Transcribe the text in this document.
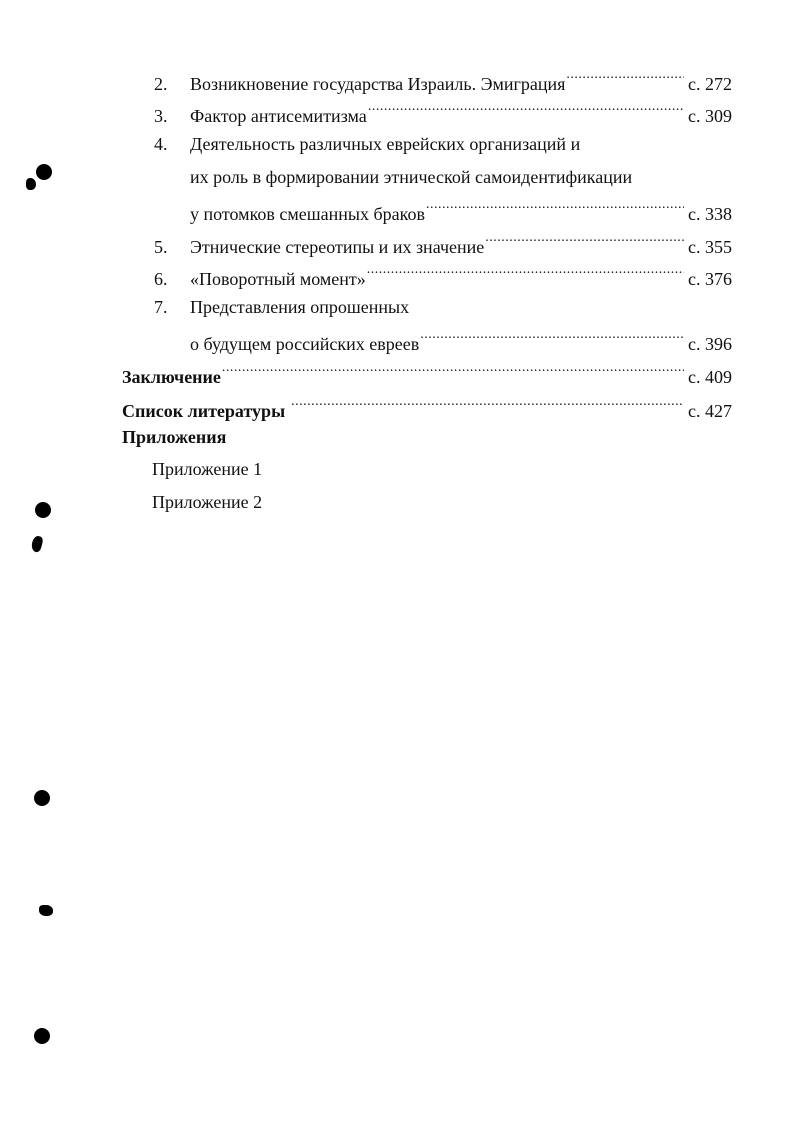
2.	Возникновение государства Израиль. Эмиграция .....	с. 272
3.	Фактор антисемитизма .....	с. 309
4.	Деятельность различных еврейских организаций и
их роль в формировании этнической самоидентификации
у потомков смешанных браков .....	с. 338
5.	Этнические стереотипы и их значение .....	с. 355
6.	«Поворотный момент» .....	с. 376
7.	Представления опрошенных
о будущем российских евреев .....	с. 396
Заключение .....	с. 409
Список литературы .....	с. 427
Приложения
Приложение 1
Приложение 2
